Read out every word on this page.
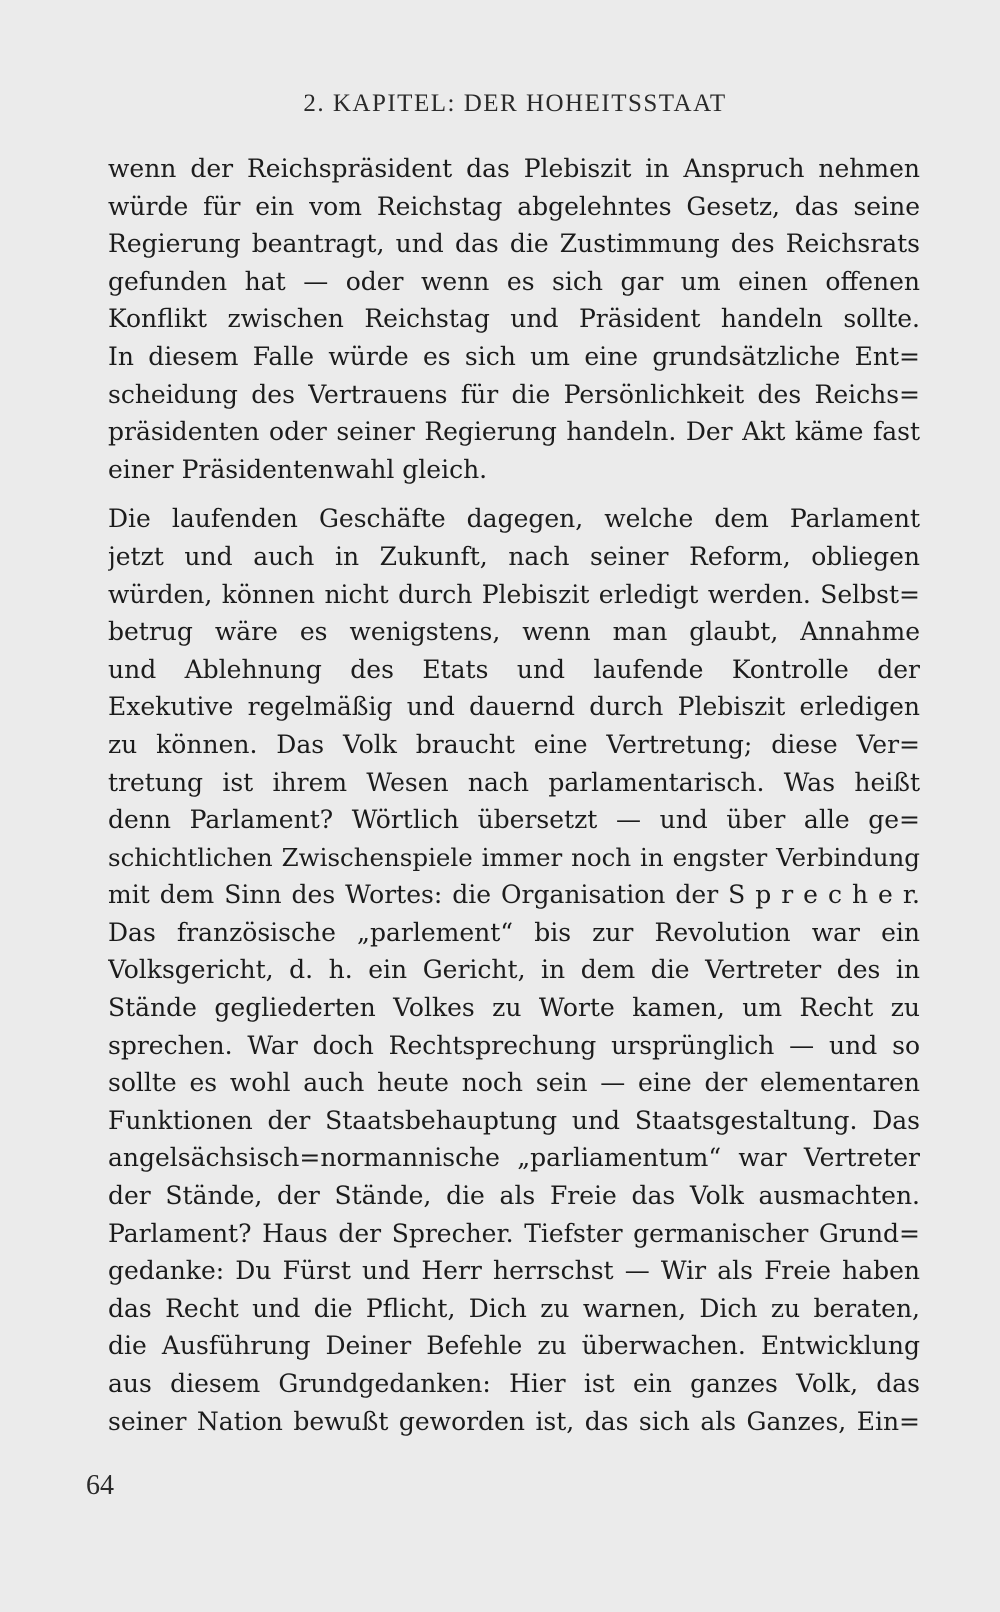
2. KAPITEL: DER HOHEITSSTAAT

wenn der Reichspräsident das Plebiszit in Anspruch nehmen
würde für ein vom Reichstag abgelehntes Gesetz, das seine
Regierung beantragt, und das die Zustimmung des Reichsrats
gefunden hat — oder wenn es sich gar um einen offenen
Konflikt zwischen Reichstag und Präsident handeln sollte.
In diesem Falle würde es sich um eine grundsätzliche Ent=
scheidung des Vertrauens für die Persönlichkeit des Reichs=
präsidenten oder seiner Regierung handeln. Der Akt käme fast
einer Präsidentenwahl gleich.

Die laufenden Geschäfte dagegen, welche dem Parlament
jetzt und auch in Zukunft, nach seiner Reform, obliegen
würden, können nicht durch Plebiszit erledigt werden. Selbst=
betrug wäre es wenigstens, wenn man glaubt, Annahme
und Ablehnung des Etats und laufende Kontrolle der
Exekutive regelmäßig und dauernd durch Plebiszit erledigen
zu können. Das Volk braucht eine Vertretung; diese Ver=
tretung ist ihrem Wesen nach parlamentarisch. Was heißt
denn Parlament? Wörtlich übersetzt — und über alle ge=
schichtlichen Zwischenspiele immer noch in engster Verbindung
mit dem Sinn des Wortes: die Organisation der S p r e c h e r.
Das französische „parlement“ bis zur Revolution war ein
Volksgericht, d. h. ein Gericht, in dem die Vertreter des in
Stände gegliederten Volkes zu Worte kamen, um Recht zu
sprechen. War doch Rechtsprechung ursprünglich — und so
sollte es wohl auch heute noch sein — eine der elementaren
Funktionen der Staatsbehauptung und Staatsgestaltung. Das
angelsächsisch=normannische „parliamentum“ war Vertreter
der Stände, der Stände, die als Freie das Volk ausmachten.
Parlament? Haus der Sprecher. Tiefster germanischer Grund=
gedanke: Du Fürst und Herr herrschst — Wir als Freie haben
das Recht und die Pflicht, Dich zu warnen, Dich zu beraten,
die Ausführung Deiner Befehle zu überwachen. Entwicklung
aus diesem Grundgedanken: Hier ist ein ganzes Volk, das
seiner Nation bewußt geworden ist, das sich als Ganzes, Ein=

64
